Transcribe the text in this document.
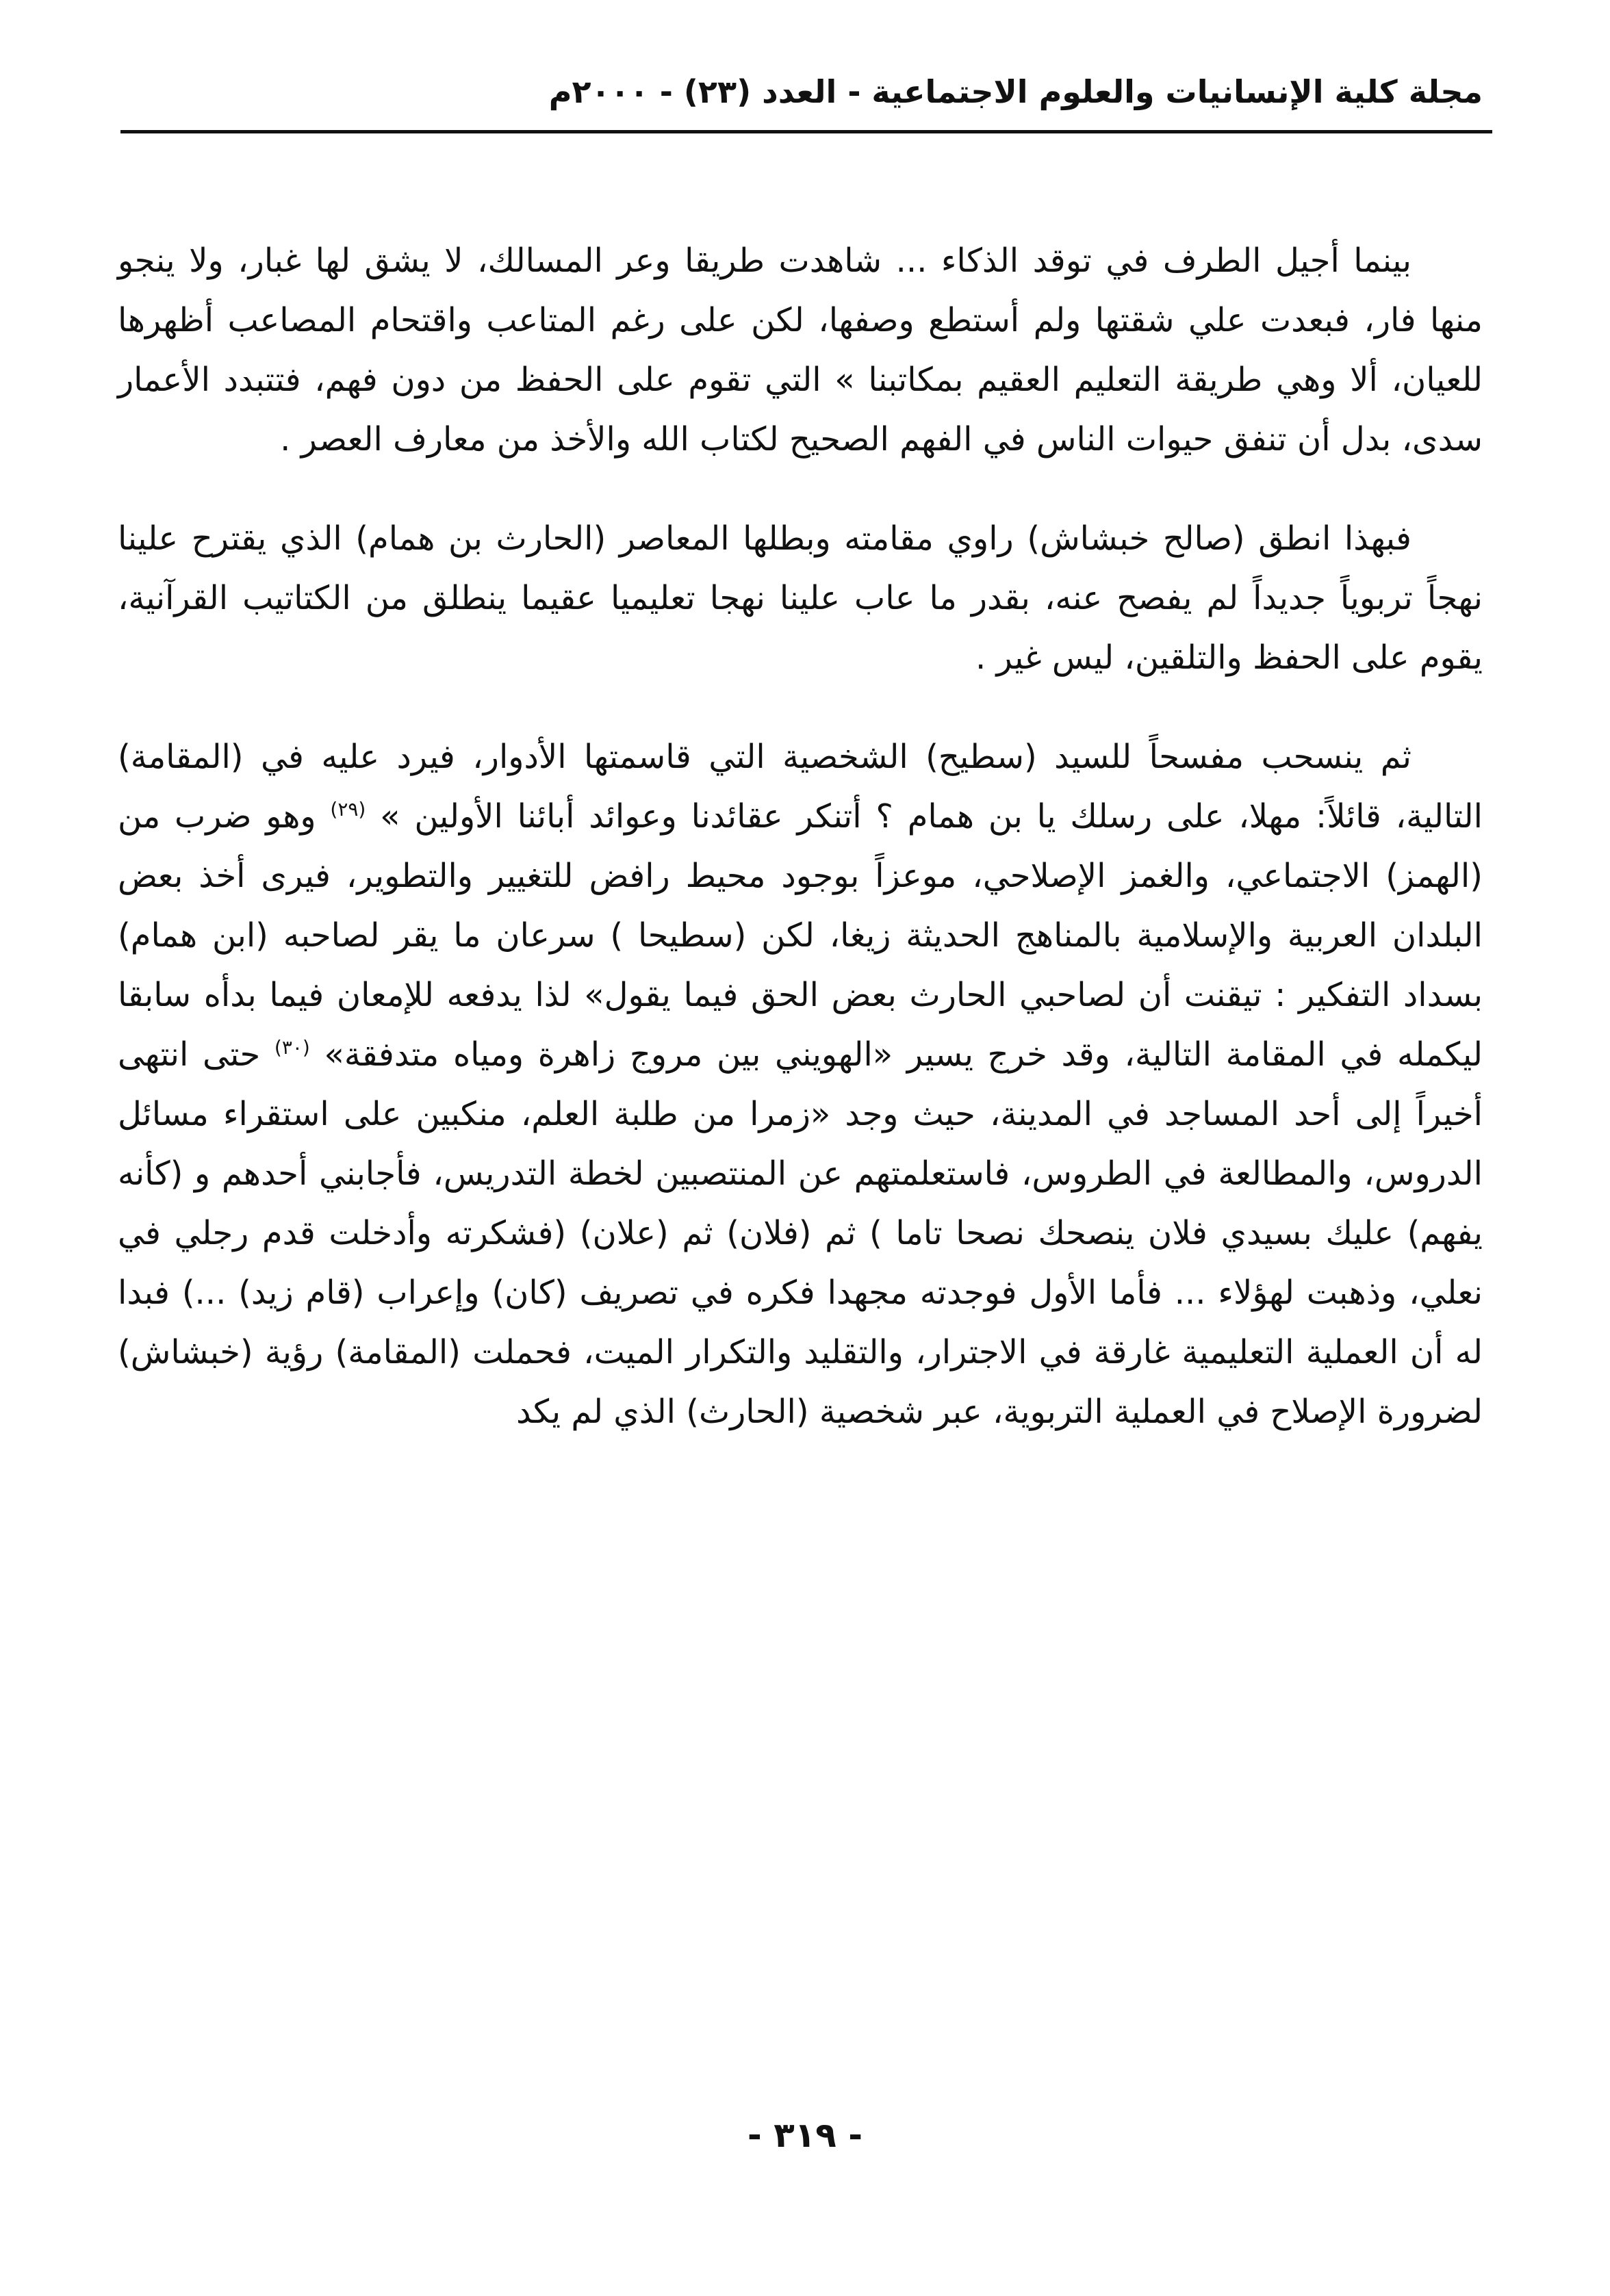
مجلة كلية الإنسانيات والعلوم الاجتماعية - العدد (٢٣) - ٢٠٠٠م

بينما أجيل الطرف في توقد الذكاء ... شاهدت طريقا وعر المسالك، لا يشق لها غبار، ولا ينجو منها فار، فبعدت علي شقتها ولم أستطع وصفها، لكن على رغم المتاعب واقتحام المصاعب أظهرها للعيان، ألا وهي طريقة التعليم العقيم بمكاتبنا » التي تقوم على الحفظ من دون فهم، فتتبدد الأعمار سدى، بدل أن تنفق حيوات الناس في الفهم الصحيح لكتاب الله والأخذ من معارف العصر .

فبهذا انطق (صالح خبشاش) راوي مقامته وبطلها المعاصر (الحارث بن همام) الذي يقترح علينا نهجاً تربوياً جديداً لم يفصح عنه، بقدر ما عاب علينا نهجا تعليميا عقيما ينطلق من الكتاتيب القرآنية، يقوم على الحفظ والتلقين، ليس غير .

ثم ينسحب مفسحاً للسيد (سطيح) الشخصية التي قاسمتها الأدوار، فيرد عليه في (المقامة) التالية، قائلاً: مهلا، على رسلك يا بن همام ؟ أتنكر عقائدنا وعوائد أبائنا الأولين » $^{(٢٩)}$ وهو ضرب من (الهمز) الاجتماعي، والغمز الإصلاحي، موعزاً بوجود محيط رافض للتغيير والتطوير، فيرى أخذ بعض البلدان العربية والإسلامية بالمناهج الحديثة زيغا، لكن (سطيحا ) سرعان ما يقر لصاحبه (ابن همام) بسداد التفكير : تيقنت أن لصاحبي الحارث بعض الحق فيما يقول» لذا يدفعه للإمعان فيما بدأه سابقا ليكمله في المقامة التالية، وقد خرج يسير «الهويني بين مروج زاهرة ومياه متدفقة» $^{(٣٠)}$ حتى انتهى أخيراً إلى أحد المساجد في المدينة، حيث وجد «زمرا من طلبة العلم، منكبين على استقراء مسائل الدروس، والمطالعة في الطروس، فاستعلمتهم عن المنتصبين لخطة التدريس، فأجابني أحدهم و (كأنه يفهم) عليك بسيدي فلان ينصحك نصحا تاما ) ثم (فلان) ثم (علان) (فشكرته وأدخلت قدم رجلي في نعلي، وذهبت لهؤلاء ... فأما الأول فوجدته مجهدا فكره في تصريف (كان) وإعراب (قام زيد) ...) فبدا له أن العملية التعليمية غارقة في الاجترار، والتقليد والتكرار الميت، فحملت (المقامة) رؤية (خبشاش) لضرورة الإصلاح في العملية التربوية، عبر شخصية (الحارث) الذي لم يكد

- ٣١٩ -
